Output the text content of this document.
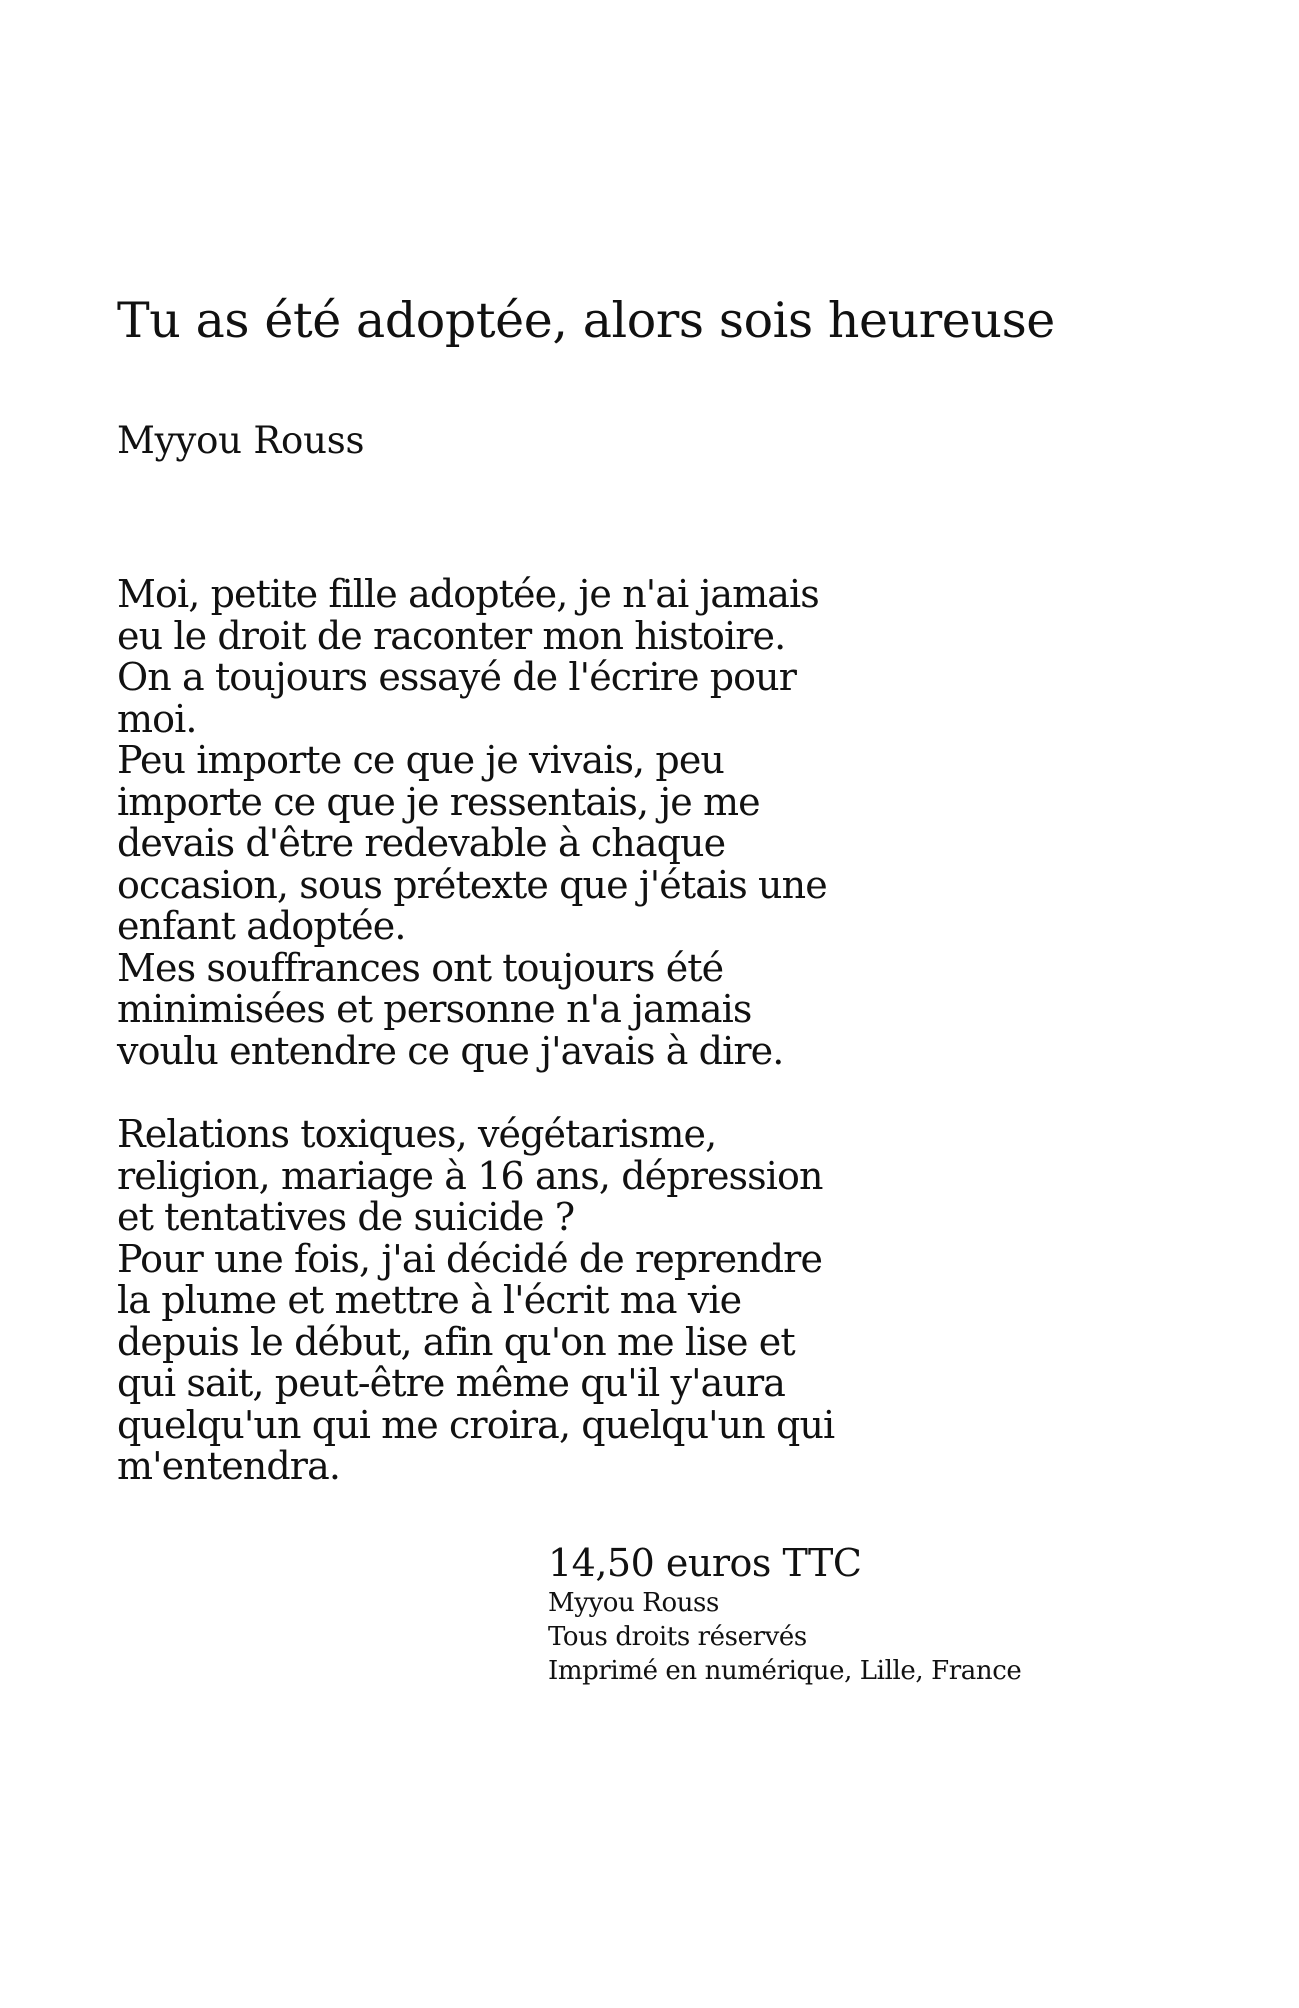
Tu as été adoptée, alors sois heureuse

Myyou Rouss

Moi, petite fille adoptée, je n'ai jamais
eu le droit de raconter mon histoire.
On a toujours essayé de l'écrire pour
moi.
Peu importe ce que je vivais, peu
importe ce que je ressentais, je me
devais d'être redevable à chaque
occasion, sous prétexte que j'étais une
enfant adoptée.
Mes souffrances ont toujours été
minimisées et personne n'a jamais
voulu entendre ce que j'avais à dire.

Relations toxiques, végétarisme,
religion, mariage à 16 ans, dépression
et tentatives de suicide ?
Pour une fois, j'ai décidé de reprendre
la plume et mettre à l'écrit ma vie
depuis le début, afin qu'on me lise et
qui sait, peut-être même qu'il y'aura
quelqu'un qui me croira, quelqu'un qui
m'entendra.

14,50 euros TTC
Myyou Rouss
Tous droits réservés
Imprimé en numérique, Lille, France
